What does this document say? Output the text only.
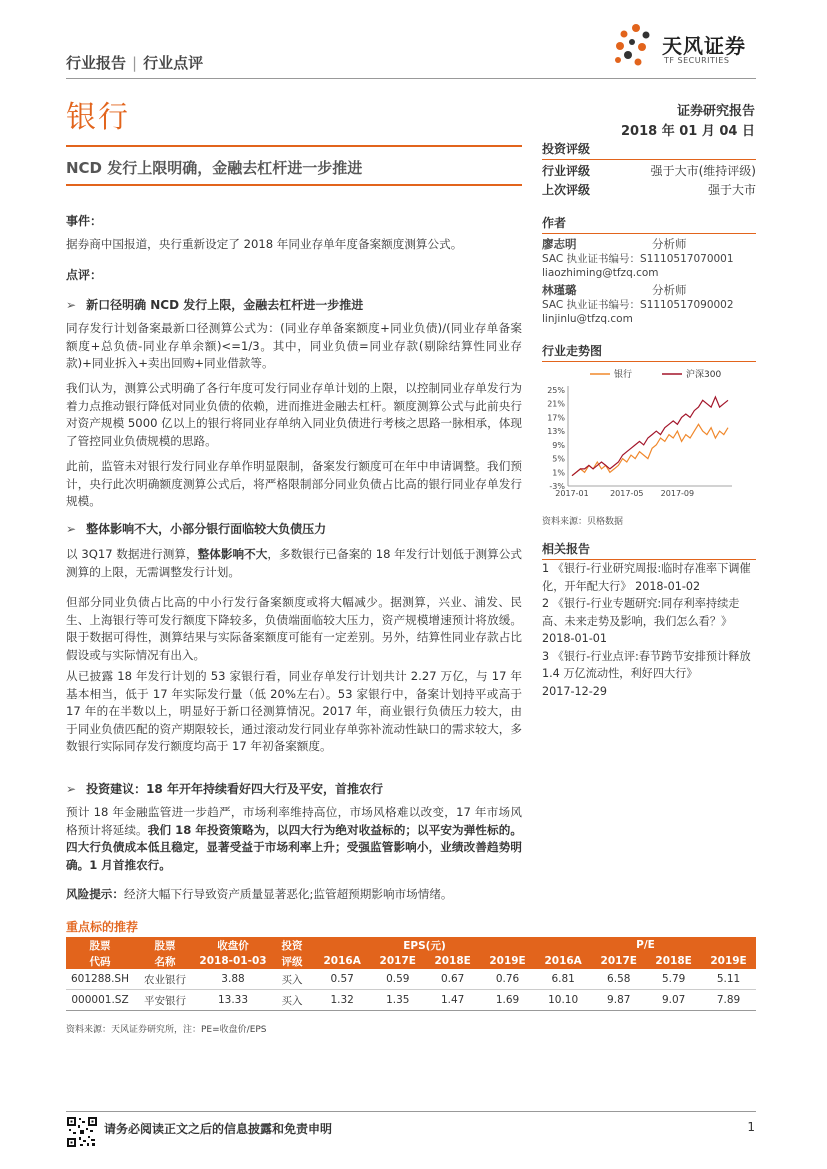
行业报告 | 行业点评
银行
天风证券
TF SECURITIES
证券研究报告
2018 年 01 月 04 日
NCD 发行上限明确，金融去杠杆进一步推进
投资评级
行业评级	强于大市(维持评级)
上次评级	强于大市
作者
廖志明	分析师
SAC 执业证书编号：S1110517070001
liaozhiming@tfzq.com
林瑾璐	分析师
SAC 执业证书编号：S1110517090002
linjinlu@tfzq.com
行业走势图
25%
21%
17%
13%
9%
5%
1%
-3%
2017-01	2017-05 2017-09
银行	沪深300
资料来源：贝格数据
相关报告
1 《银行-行业研究周报:临时存准率下调催化，开年配大行》 2018-01-02
2 《银行-行业专题研究:同存利率持续走高、未来走势及影响，我们怎么看？》
2018-01-01
3 《银行-行业点评:春节跨节安排预计释放 1.4 万亿流动性，利好四大行》
2017-12-29
事件：
据券商中国报道，央行重新设定了 2018 年同业存单年度备案额度测算公式。
点评：
➢ 新口径明确 NCD 发行上限，金融去杠杆进一步推进
同存发行计划备案最新口径测算公式为：(同业存单备案额度+同业负债)/(同业存单备案额度+总负债-同业存单余额)<=1/3。其中，同业负债=同业存款(剔除结算性同业存款)+同业拆入+卖出回购+同业借款等。
我们认为，测算公式明确了各行年度可发行同业存单计划的上限，以控制同业存单发行为着力点推动银行降低对同业负债的依赖，进而推进金融去杠杆。额度测算公式与此前央行对资产规模 5000 亿以上的银行将同业存单纳入同业负债进行考核之思路一脉相承，体现了管控同业负债规模的思路。
此前，监管未对银行发行同业存单作明显限制，备案发行额度可在年中申请调整。我们预计，央行此次明确额度测算公式后，将严格限制部分同业负债占比高的银行同业存单发行规模。
➢ 整体影响不大，小部分银行面临较大负债压力
以 3Q17 数据进行测算，整体影响不大，多数银行已备案的 18 年发行计划低于测算公式测算的上限，无需调整发行计划。
但部分同业负债占比高的中小行发行备案额度或将大幅减少。据测算，兴业、浦发、民生、上海银行等可发行额度下降较多，负债端面临较大压力，资产规模增速预计将放缓。限于数据可得性，测算结果与实际备案额度可能有一定差别。另外，结算性同业存款占比假设或与实际情况有出入。
从已披露 18 年发行计划的 53 家银行看，同业存单发行计划共计 2.27 万亿，与 17 年基本相当，低于 17 年实际发行量（低 20%左右）。53 家银行中，备案计划持平或高于 17 年的在半数以上，明显好于新口径测算情况。2017 年，商业银行负债压力较大，由于同业负债匹配的资产期限较长，通过滚动发行同业存单弥补流动性缺口的需求较大，多数银行实际同存发行额度均高于 17 年初备案额度。
➢ 投资建议：18 年开年持续看好四大行及平安，首推农行
预计 18 年金融监管进一步趋严，市场利率维持高位，市场风格难以改变，17 年市场风格预计将延续。我们 18 年投资策略为，以四大行为绝对收益标的；以平安为弹性标的。四大行负债成本低且稳定，显著受益于市场利率上升；受强监管影响小，业绩改善趋势明确。1 月首推农行。
风险提示：经济大幅下行导致资产质量显著恶化;监管超预期影响市场情绪。
重点标的推荐
股票	股票	收盘价	投资	EPS(元)				P/E			
代码	名称	2018-01-03	评级	2016A	2017E	2018E	2019E	2016A	2017E	2018E	2019E
601288.SH	农业银行	3.88	买入	0.57	0.59	0.67	0.76	6.81	6.58	5.79	5.11
000001.SZ	平安银行	13.33	买入	1.32	1.35	1.47	1.69	10.10	9.87	9.07	7.89
资料来源：天风证券研究所，注：PE=收盘价/EPS
请务必阅读正文之后的信息披露和免责申明	1
